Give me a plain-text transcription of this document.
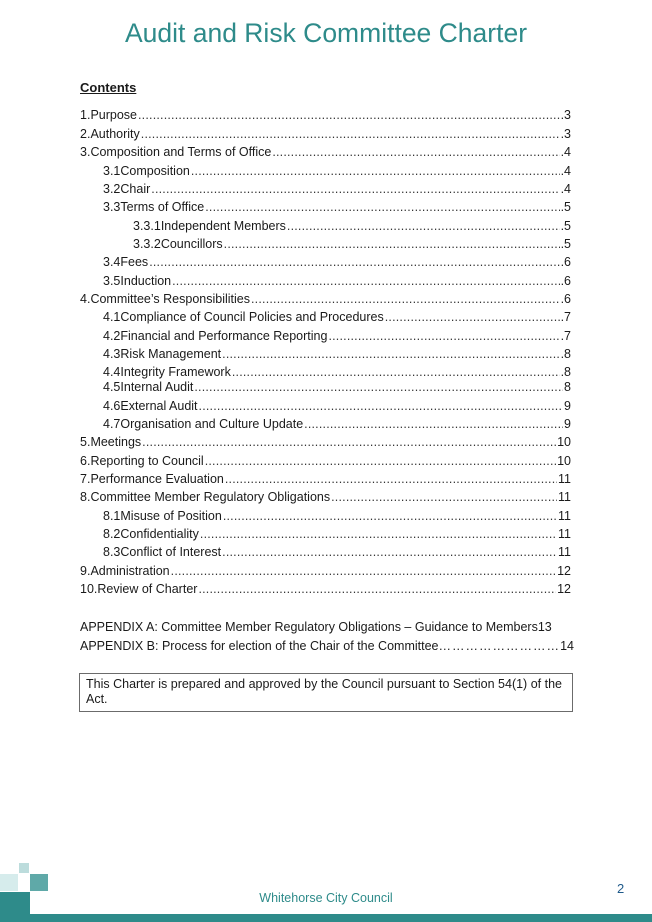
Audit and Risk Committee Charter
Contents
1. Purpose .....	.3
2. Authority .....	.3
3. Composition and Terms of Office .....	.4
3.1 Composition .....	.4
3.2 Chair .....	.4
3.3 Terms of Office .....	.5
3.3.1 Independent Members .....	.5
3.3.2 Councillors .....	.5
3.4 Fees .....	.6
3.5 Induction .....	.6
4. Committee’s Responsibilities .....	.6
4.1 Compliance of Council Policies and Procedures .....	.7
4.2 Financial and Performance Reporting .....	.7
4.3 Risk Management .....	.8
4.4 Integrity Framework .....	.8
4.5 Internal Audit .....	8
4.6 External Audit .....	9
4.7 Organisation and Culture Update .....	9
5. Meetings .....	10
6. Reporting to Council .....	10
7. Performance Evaluation .....	11
8. Committee Member Regulatory Obligations .....	11
8.1 Misuse of Position .....	11
8.2 Confidentiality .....	11
8.3 Conflict of Interest .....	11
9. Administration .....	12
10. Review of Charter .....	12
APPENDIX A: Committee Member Regulatory Obligations – Guidance to Members 13
APPENDIX B: Process for election of the Chair of the Committee …………………………………………………	14
This Charter is prepared and approved by the Council pursuant to Section 54(1) of the Act.
Whitehorse City Council
2
